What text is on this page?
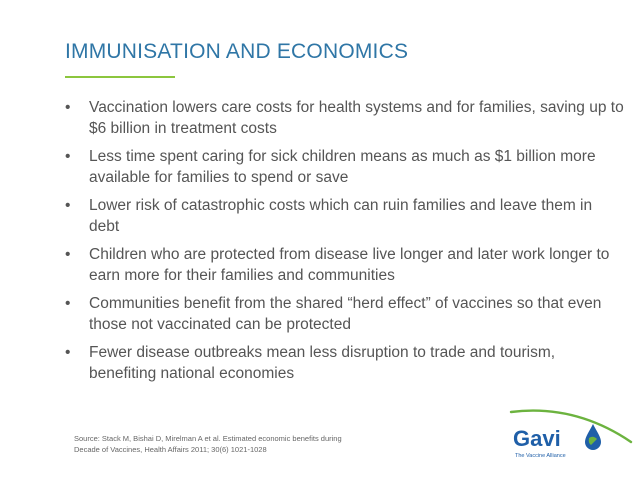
IMMUNISATION AND ECONOMICS
• Vaccination lowers care costs for health systems and for families, saving up to $6 billion in treatment costs
• Less time spent caring for sick children means as much as $1 billion more available for families to spend or save
• Lower risk of catastrophic costs which can ruin families and leave them in debt
• Children who are protected from disease live longer and later work longer to earn more for their families and communities
• Communities benefit from the shared “herd effect” of vaccines so that even those not vaccinated can be protected
• Fewer disease outbreaks mean less disruption to trade and tourism, benefiting national economies
Source: Stack M, Bishai D, Mirelman A et al. Estimated economic benefits during
Decade of Vaccines, Health Affairs 2011; 30(6) 1021-1028	Gavi
The Vaccine Alliance
